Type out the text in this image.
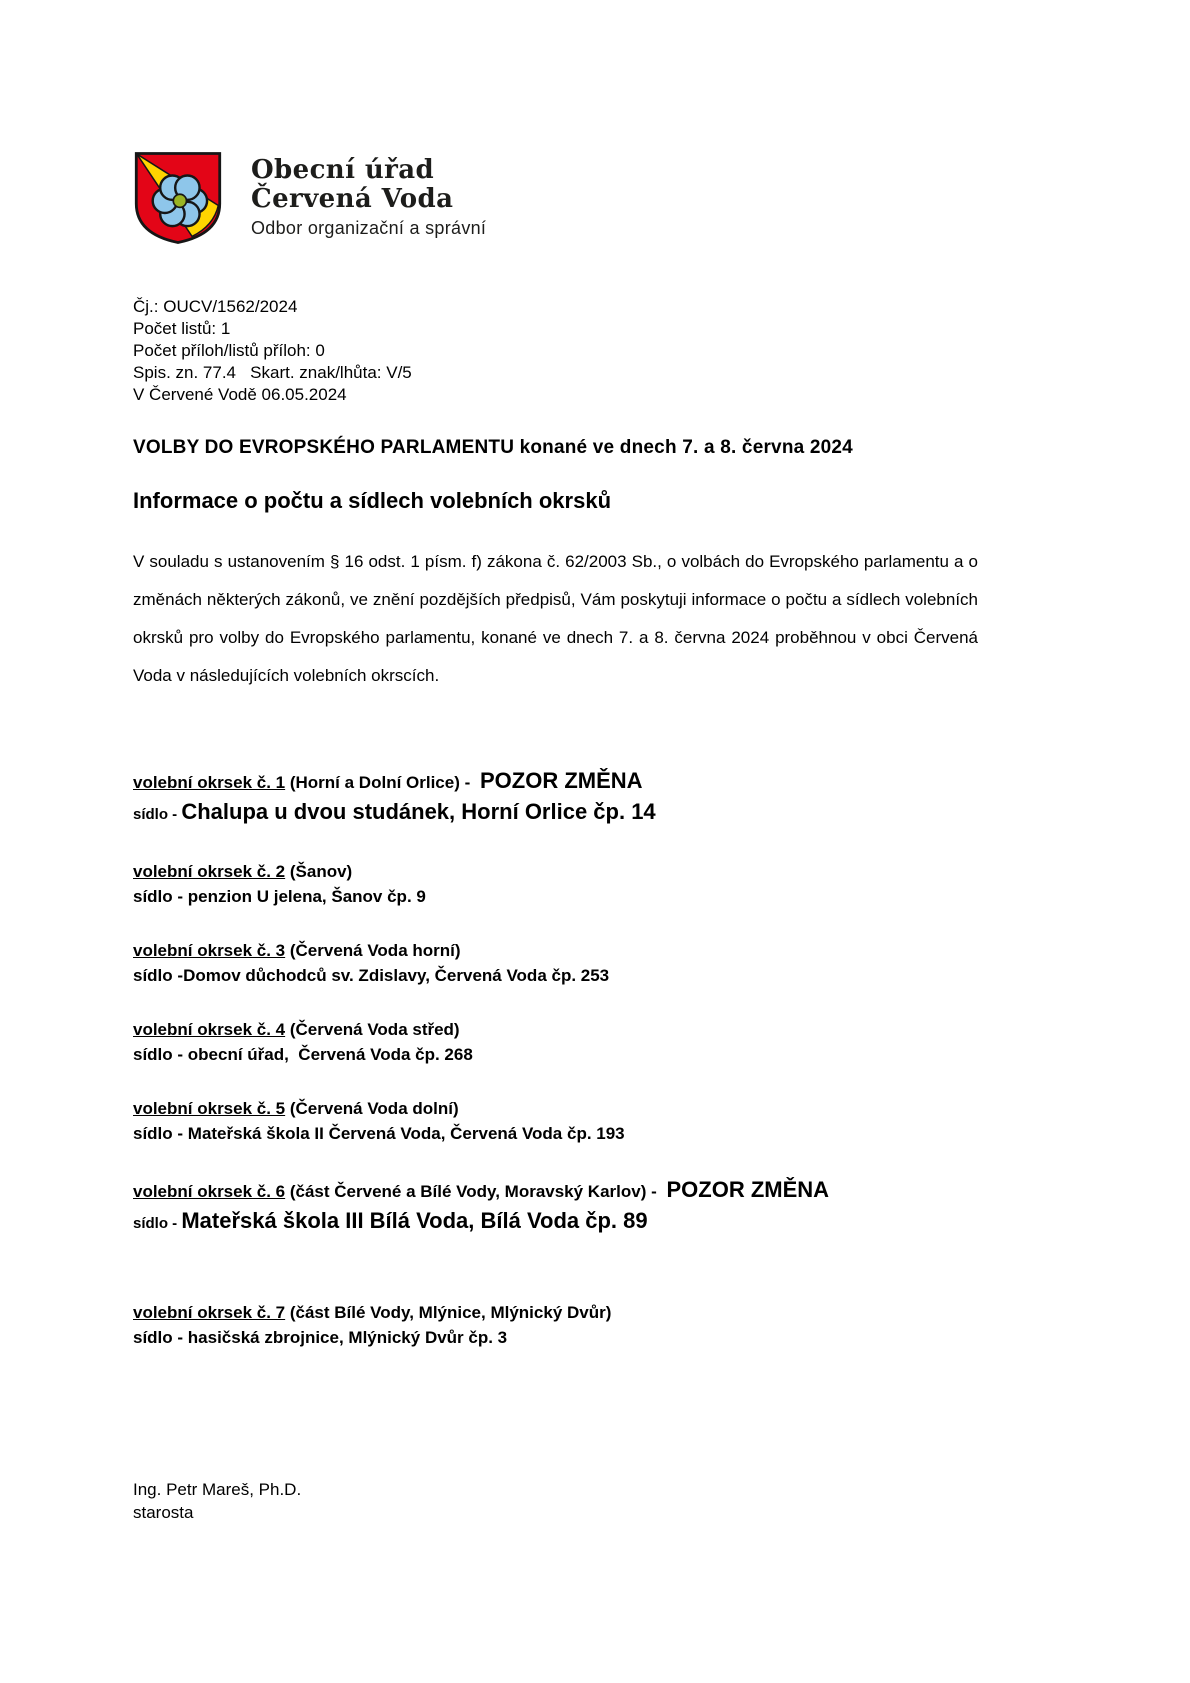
Obecní úřad
Červená Voda
Odbor organizační a správní
Čj.: OUCV/1562/2024
Počet listů: 1
Počet příloh/listů příloh: 0
Spis. zn. 77.4   Skart. znak/lhůta: V/5
V Červené Vodě 06.05.2024
VOLBY DO EVROPSKÉHO PARLAMENTU konané ve dnech 7. a 8. června 2024
Informace o počtu a sídlech volebních okrsků
V souladu s ustanovením § 16 odst. 1 písm. f) zákona č. 62/2003 Sb., o volbách do Evropského parlamentu a o změnách některých zákonů, ve znění pozdějších předpisů, Vám poskytuji informace o počtu a sídlech volebních okrsků pro volby do Evropského parlamentu, konané ve dnech 7. a 8. června 2024 proběhnou v obci Červená Voda v následujících volebních okrscích.
volební okrsek č. 1 (Horní a Dolní Orlice) - POZOR ZMĚNA
sídlo - Chalupa u dvou studánek, Horní Orlice čp. 14
volební okrsek č. 2 (Šanov)
sídlo - penzion U jelena, Šanov čp. 9
volební okrsek č. 3 (Červená Voda horní)
sídlo -Domov důchodců sv. Zdislavy, Červená Voda čp. 253
volební okrsek č. 4 (Červená Voda střed)
sídlo - obecní úřad,  Červená Voda čp. 268
volební okrsek č. 5 (Červená Voda dolní)
sídlo - Mateřská škola II Červená Voda, Červená Voda čp. 193
volební okrsek č. 6 (část Červené a Bílé Vody, Moravský Karlov) - POZOR ZMĚNA
sídlo - Mateřská škola III Bílá Voda, Bílá Voda čp. 89
volební okrsek č. 7 (část Bílé Vody, Mlýnice, Mlýnický Dvůr)
sídlo - hasičská zbrojnice, Mlýnický Dvůr čp. 3
Ing. Petr Mareš, Ph.D.
starosta
